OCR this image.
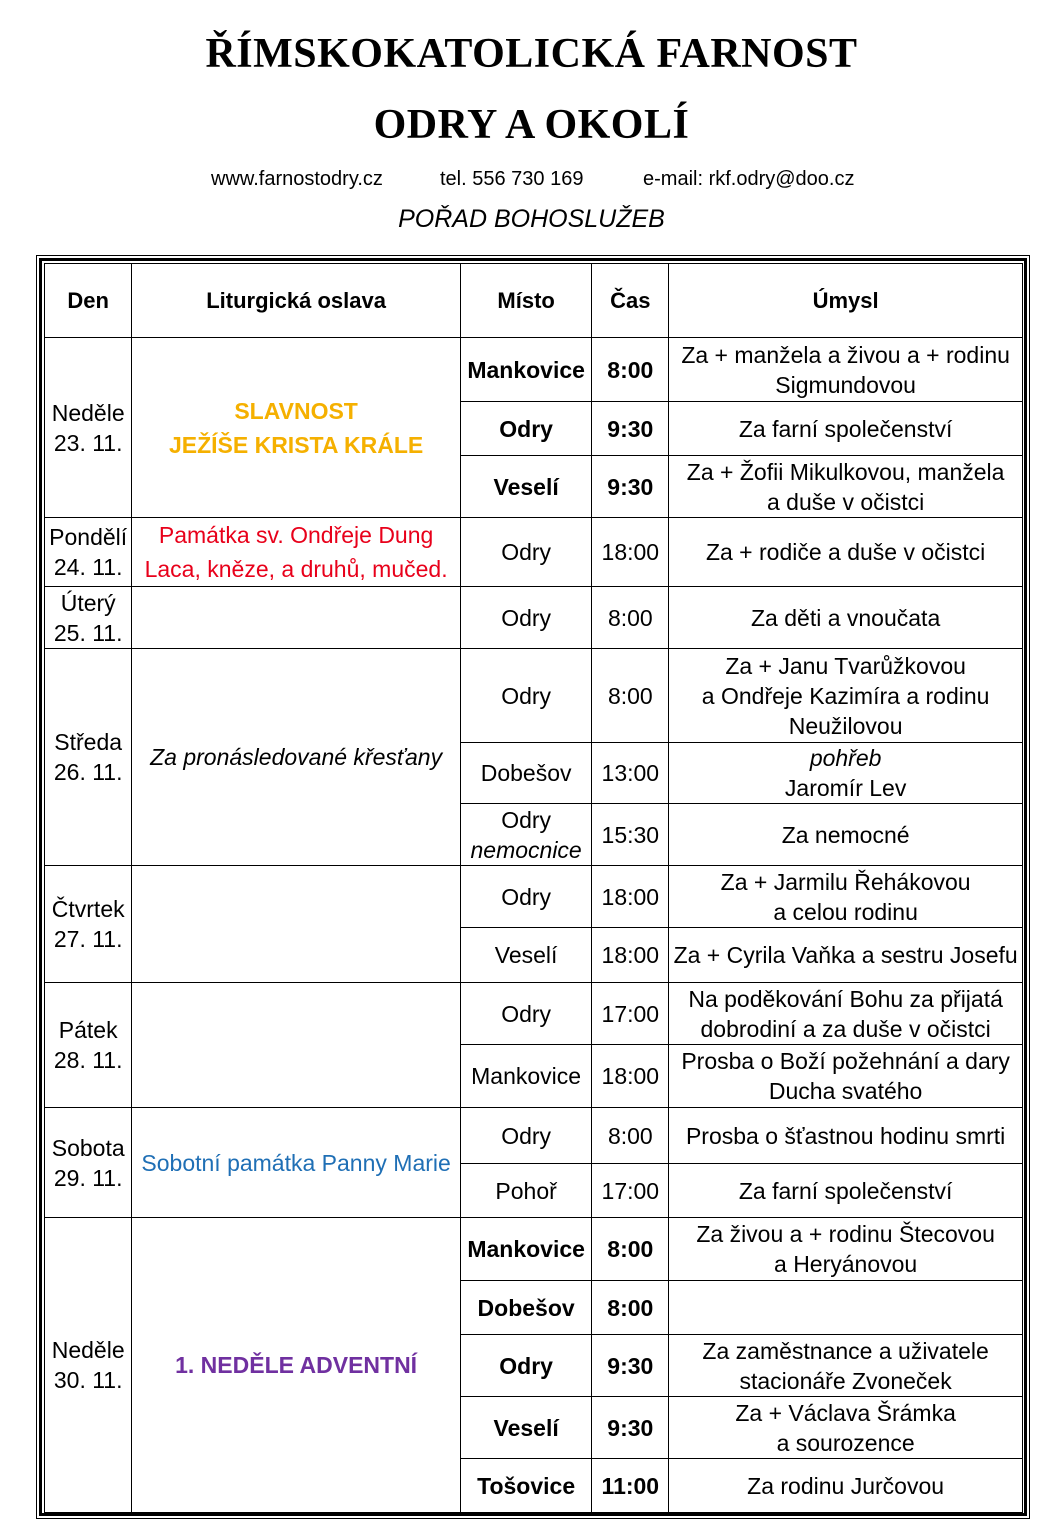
ŘÍMSKOKATOLICKÁ FARNOST
ODRY A OKOLÍ
www.farnostodry.cz	tel. 556 730 169	e-mail: rkf.odry@doo.cz
POŘAD BOHOSLUŽEB
Den	Liturgická oslava	Místo	Čas	Úmysl
Neděle
23. 11.	SLAVNOST
JEŽÍŠE KRISTA KRÁLE	Mankovice	8:00	Za + manžela a živou a + rodinu
Sigmundovou
		Odry	9:30	Za farní společenství
		Veselí	9:30	Za + Žofii Mikulkovou, manžela
a duše v očistci
Pondělí
24. 11.	Památka sv. Ondřeje Dung
Laca, kněze, a druhů, mučed.	Odry	18:00	Za + rodiče a duše v očistci
Úterý
25. 11.		Odry	8:00	Za děti a vnoučata
Středa
26. 11.	Za pronásledované křesťany	Odry	8:00	Za + Janu Tvarůžkovou
a Ondřeje Kazimíra a rodinu
Neužilovou
		Dobešov	13:00	pohřeb
Jaromír Lev

		Odry
nemocnice	15:30	Za nemocné
Čtvrtek
27. 11.		Odry	18:00	Za + Jarmilu Řehákovou
a celou rodinu
		Veselí	18:00	Za + Cyrila Vaňka a sestru Josefu
Pátek
28. 11.		Odry	17:00	Na poděkování Bohu za přijatá
dobrodiní a za duše v očistci
		Mankovice	18:00	Prosba o Boží požehnání a dary
Ducha svatého
Sobota
29. 11.	Sobotní památka Panny Marie	Odry	8:00	Prosba o šťastnou hodinu smrti
		Pohoř	17:00	Za farní společenství
Neděle
30. 11.	1. NEDĚLE ADVENTNÍ	Mankovice	8:00	Za živou a + rodinu Štecovou
a Heryánovou
		Dobešov	8:00	
		Odry	9:30	Za zaměstnance a uživatele
stacionáře Zvoneček
		Veselí	9:30	Za + Václava Šrámka
a sourozence
		Tošovice	11:00	Za rodinu Jurčovou
